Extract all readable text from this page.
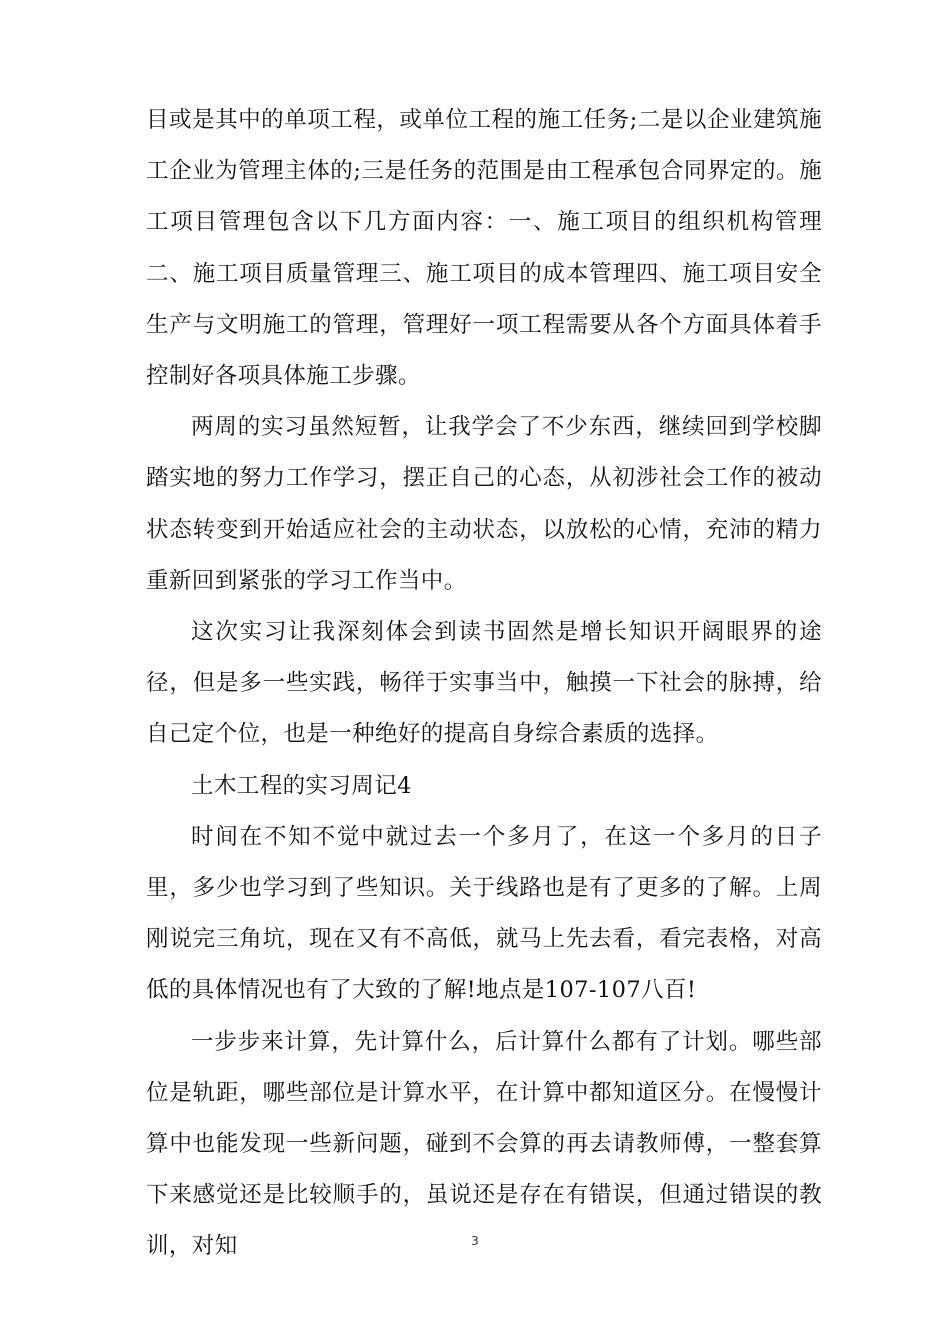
目或是其中的单项工程，或单位工程的施工任务;二是以企业建筑施工企业为管理主体的;三是任务的范围是由工程承包合同界定的。施工项目管理包含以下几方面内容：一、施工项目的组织机构管理二、施工项目质量管理三、施工项目的成本管理四、施工项目安全生产与文明施工的管理，管理好一项工程需要从各个方面具体着手控制好各项具体施工步骤。

两周的实习虽然短暂，让我学会了不少东西，继续回到学校脚踏实地的努力工作学习，摆正自己的心态，从初涉社会工作的被动状态转变到开始适应社会的主动状态，以放松的心情，充沛的精力重新回到紧张的学习工作当中。

这次实习让我深刻体会到读书固然是增长知识开阔眼界的途径，但是多一些实践，畅徉于实事当中，触摸一下社会的脉搏，给自己定个位，也是一种绝好的提高自身综合素质的选择。

土木工程的实习周记4

时间在不知不觉中就过去一个多月了，在这一个多月的日子里，多少也学习到了些知识。关于线路也是有了更多的了解。上周刚说完三角坑，现在又有不高低，就马上先去看，看完表格，对高低的具体情况也有了大致的了解!地点是107-107八百!

一步步来计算，先计算什么，后计算什么都有了计划。哪些部位是轨距，哪些部位是计算水平，在计算中都知道区分。在慢慢计算中也能发现一些新问题，碰到不会算的再去请教师傅，一整套算下来感觉还是比较顺手的，虽说还是存在有错误，但通过错误的教训，对知	3
